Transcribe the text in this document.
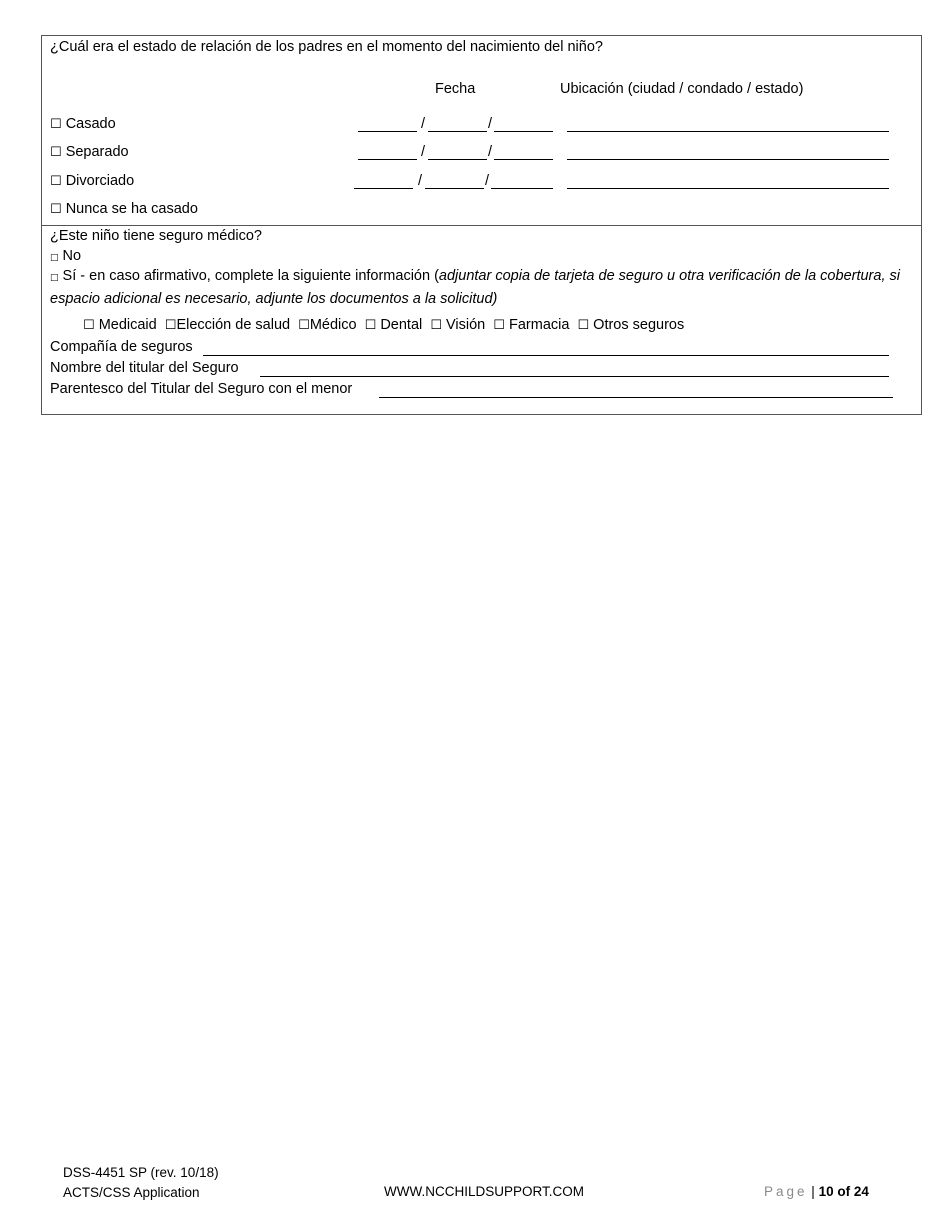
¿Cuál era el estado de relación de los padres en el momento del nacimiento del niño?
Fecha	Ubicación (ciudad / condado / estado)
☐ Casado	/	/
☐ Separado	/	/
☐ Divorciado	/	/
☐ Nunca se ha casado
¿Este niño tiene seguro médico?
□ No
□ Sí - en caso afirmativo, complete la siguiente información (adjuntar copia de tarjeta de seguro u otra verificación de la cobertura, si espacio adicional es necesario, adjunte los documentos a la solicitud)
☐ Medicaid ☐Elección de salud ☐Médico ☐ Dental ☐ Visión ☐ Farmacia ☐ Otros seguros
Compañía de seguros
Nombre del titular del Seguro
Parentesco del Titular del Seguro con el menor
DSS-4451 SP (rev. 10/18)
ACTS/CSS Application	WWW.NCCHILDSUPPORT.COM	Page | 10 of 24
